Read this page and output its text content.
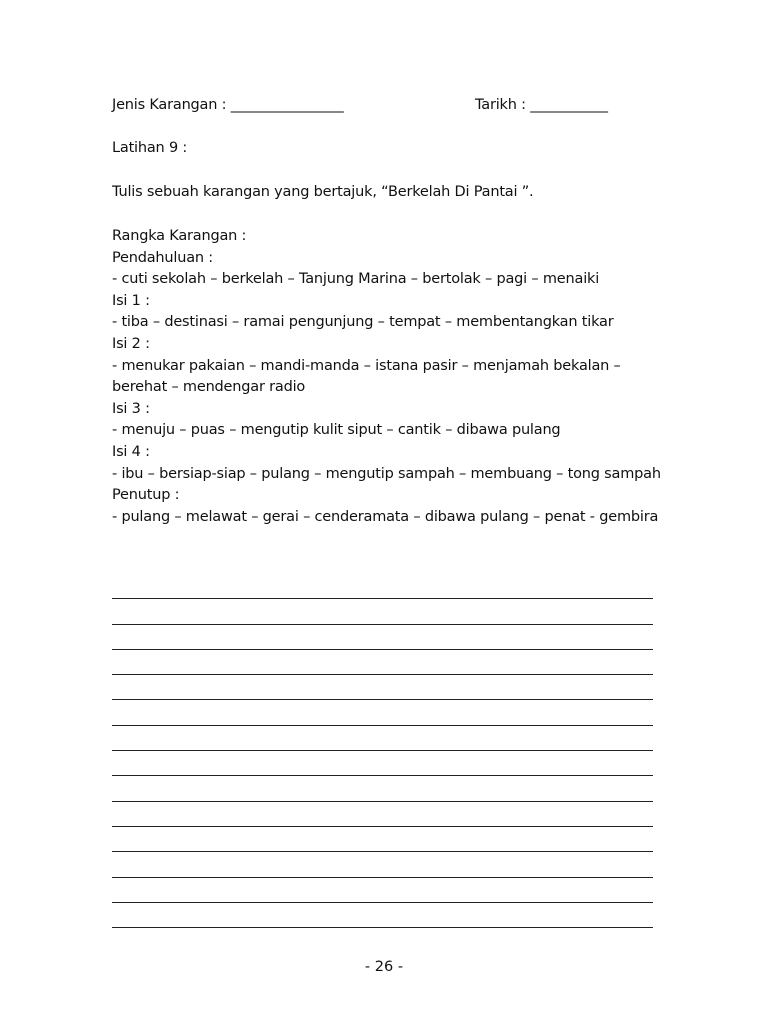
Jenis Karangan : ________________	Tarikh : ___________
Latihan 9 :
Tulis sebuah karangan yang bertajuk, “Berkelah Di Pantai ”.
Rangka Karangan :
Pendahuluan :
- cuti sekolah – berkelah – Tanjung Marina – bertolak – pagi – menaiki
Isi 1 :
- tiba – destinasi – ramai pengunjung – tempat – membentangkan tikar
Isi 2 :
- menukar pakaian – mandi-manda – istana pasir – menjamah bekalan –
berehat – mendengar radio
Isi 3 :
- menuju – puas – mengutip kulit siput – cantik – dibawa pulang
Isi 4 :
- ibu – bersiap-siap – pulang – mengutip sampah – membuang – tong sampah
Penutup :
- pulang – melawat – gerai – cenderamata – dibawa pulang – penat - gembira
- 26 -
